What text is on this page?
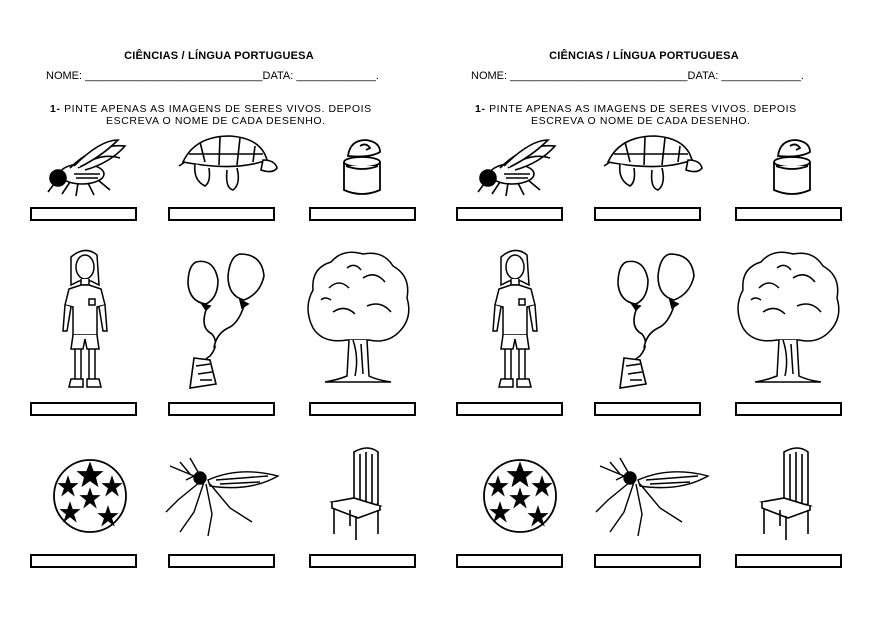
CIÊNCIAS / LÍNGUA PORTUGUESA
NOME: _____________________________DATA: _____________.
1- PINTE APENAS AS IMAGENS DE SERES VIVOS. DEPOIS
ESCREVA O NOME DE CADA DESENHO.
CIÊNCIAS / LÍNGUA PORTUGUESA
NOME: _____________________________DATA: _____________.
1- PINTE APENAS AS IMAGENS DE SERES VIVOS. DEPOIS
ESCREVA O NOME DE CADA DESENHO.
